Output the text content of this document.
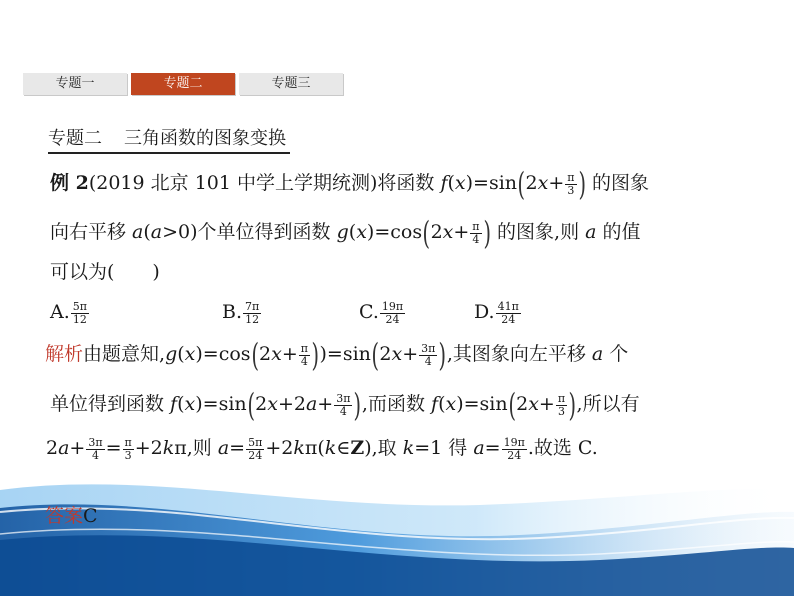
专题一	专题二	专题三
专题二 三角函数的图象变换
例 2(2019 北京 101 中学上学期统测)将函数 $f(x)=\sin(2x+ \frac{\pi}{3}$ ) 的图象
向右平移 a(a>0)个单位得到函数 $g(x)=\cos(2x+ \frac{\pi}{4}$ ) 的图象,则 a 的值
可以为(　　)
A. $\frac{5\pi}{12}$	B. $\frac{7\pi}{12}$	C. $\frac{19\pi}{24}$	D. $\frac{41\pi}{24}$
解析由题意知$,g(x)=\cos(2x+ \frac{\pi}{4} ))=\sin(2x+ \frac{3\pi}{4}$ ),其图象向左平移 a 个
单位得到函数 $f(x)=\sin(2x+2a+ \frac{3\pi}{4}$ ),而函数 $f(x)=\sin(2x+ \frac{\pi}{3}$ ),所以有
$2a+ \frac{3\pi}{4} = \frac{\pi}{3} +2k\pi$,则 $a= \frac{5\pi}{24}$ +2kπ(k∈Z),取 k=1 得 $a= \frac{19\pi}{24}$ .故选 C.
答案C
